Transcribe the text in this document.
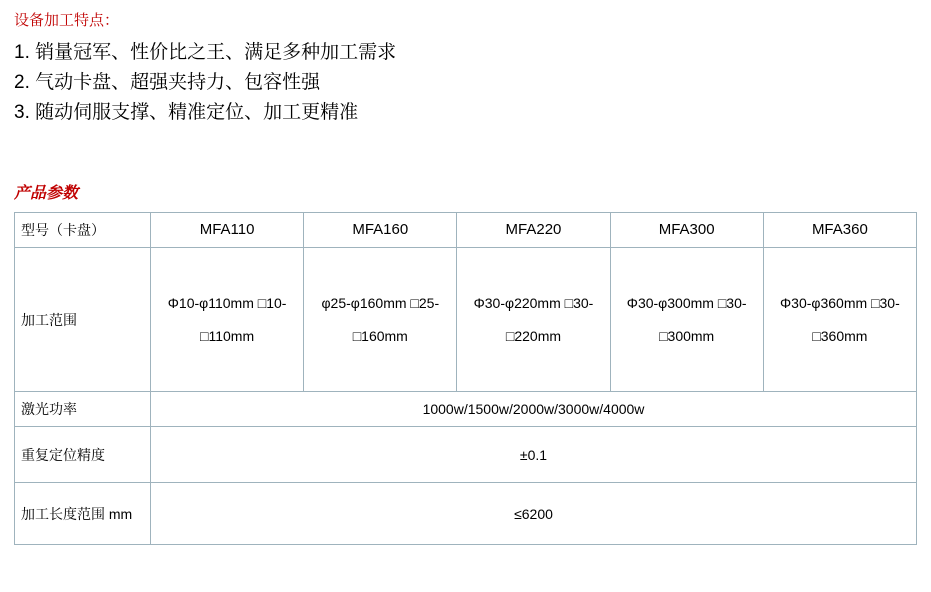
设备加工特点：

1. 销量冠军、性价比之王、满足多种加工需求
2. 气动卡盘、超强夹持力、包容性强
3. 随动伺服支撑、精准定位、加工更精准

产品参数

型号（卡盘）	MFA110	MFA160	MFA220	MFA300	MFA360
加工范围	Φ10-φ110mm □10-□110mm	φ25-φ160mm □25-□160mm	Φ30-φ220mm □30-□220mm	Φ30-φ300mm □30-□300mm	Φ30-φ360mm □30-□360mm
激光功率	1000w/1500w/2000w/3000w/4000w				
重复定位精度	±0.1				
加工长度范围 mm	≤6200				
